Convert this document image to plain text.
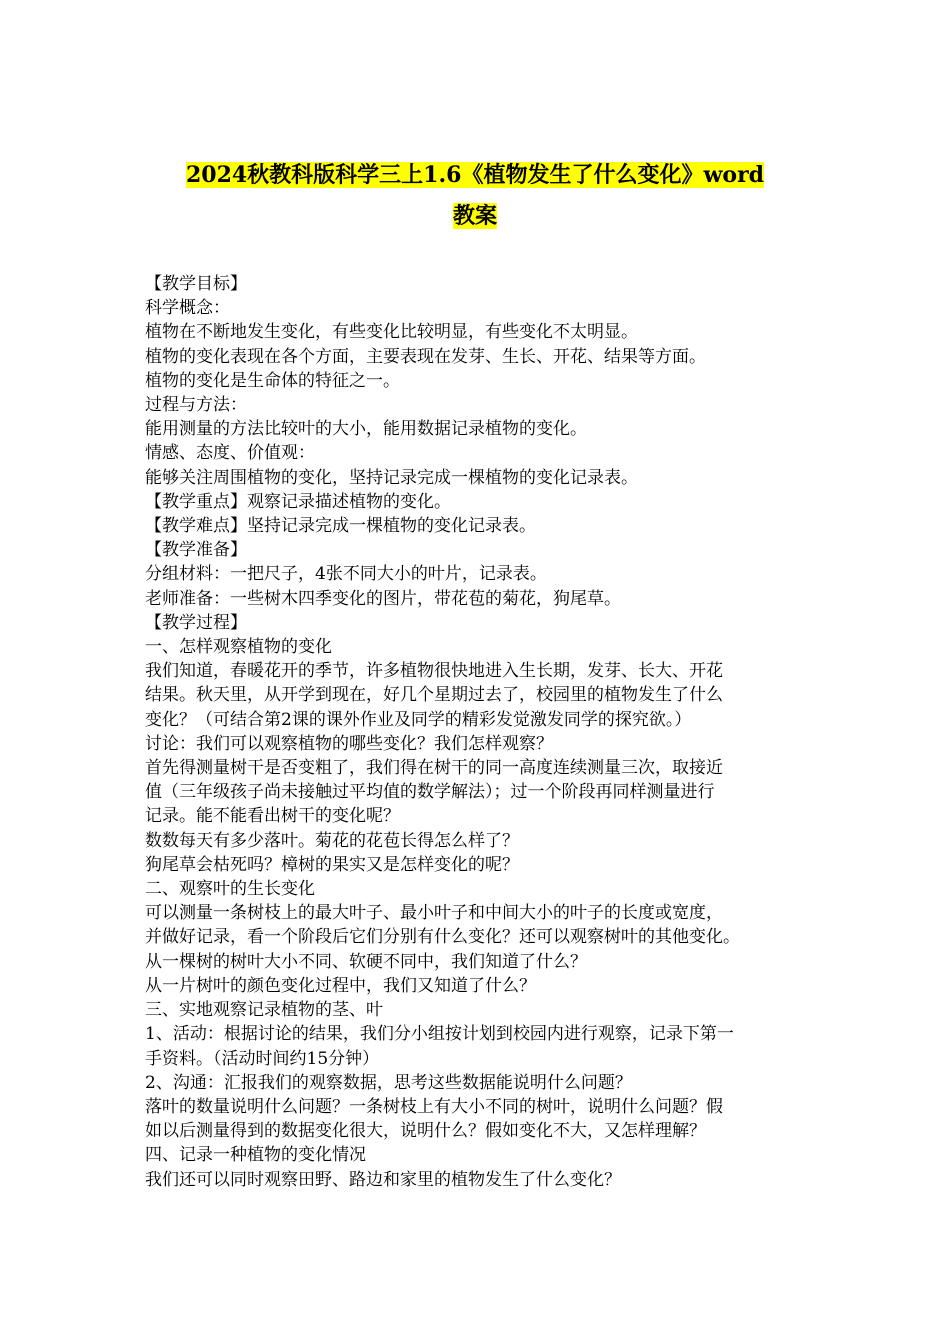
2024秋教科版科学三上1.6《植物发生了什么变化》word
教案

【教学目标】

科学概念：

植物在不断地发生变化，有些变化比较明显，有些变化不太明显。

植物的变化表现在各个方面，主要表现在发芽、生长、开花、结果等方面。

植物的变化是生命体的特征之一。

过程与方法：

能用测量的方法比较叶的大小，能用数据记录植物的变化。

情感、态度、价值观：

能够关注周围植物的变化，坚持记录完成一棵植物的变化记录表。

【教学重点】观察记录描述植物的变化。

【教学难点】坚持记录完成一棵植物的变化记录表。

【教学准备】

分组材料：一把尺子，4张不同大小的叶片，记录表。

老师准备：一些树木四季变化的图片，带花苞的菊花，狗尾草。

【教学过程】

一、怎样观察植物的变化

我们知道，春暖花开的季节，许多植物很快地进入生长期，发芽、长大、开花

结果。秋天里，从开学到现在，好几个星期过去了，校园里的植物发生了什么

变化？（可结合第2课的课外作业及同学的精彩发觉激发同学的探究欲。）

讨论：我们可以观察植物的哪些变化？我们怎样观察？

首先得测量树干是否变粗了，我们得在树干的同一高度连续测量三次，取接近

值（三年级孩子尚未接触过平均值的数学解法）；过一个阶段再同样测量进行

记录。能不能看出树干的变化呢？

数数每天有多少落叶。菊花的花苞长得怎么样了？

狗尾草会枯死吗？樟树的果实又是怎样变化的呢？

二、观察叶的生长变化

可以测量一条树枝上的最大叶子、最小叶子和中间大小的叶子的长度或宽度，

并做好记录，看一个阶段后它们分别有什么变化？还可以观察树叶的其他变化。

从一棵树的树叶大小不同、软硬不同中，我们知道了什么？

从一片树叶的颜色变化过程中，我们又知道了什么？

三、实地观察记录植物的茎、叶

1、活动：根据讨论的结果，我们分小组按计划到校园内进行观察，记录下第一

手资料。（活动时间约15分钟）

2、沟通：汇报我们的观察数据，思考这些数据能说明什么问题？

落叶的数量说明什么问题？一条树枝上有大小不同的树叶，说明什么问题？假

如以后测量得到的数据变化很大，说明什么？假如变化不大，又怎样理解？

四、记录一种植物的变化情况

我们还可以同时观察田野、路边和家里的植物发生了什么变化？
